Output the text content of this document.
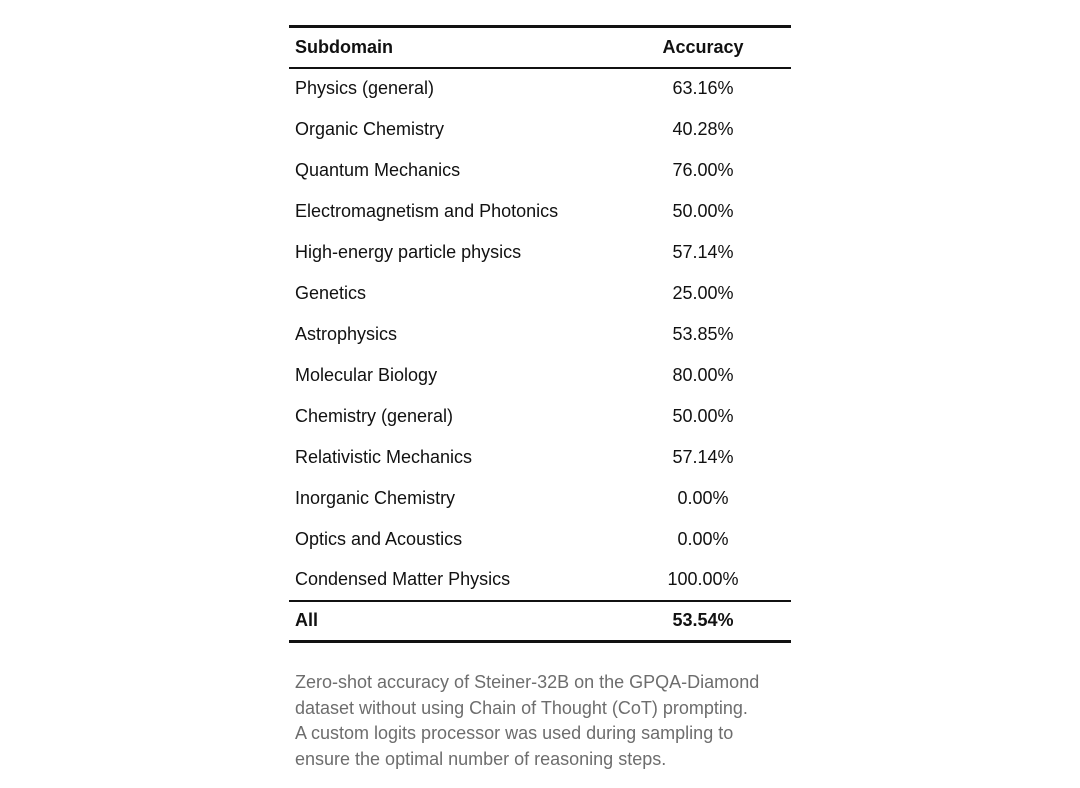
Subdomain	Accuracy
Physics (general)	63.16%
Organic Chemistry	40.28%
Quantum Mechanics	76.00%
Electromagnetism and Photonics	50.00%
High-energy particle physics	57.14%
Genetics	25.00%
Astrophysics	53.85%
Molecular Biology	80.00%
Chemistry (general)	50.00%
Relativistic Mechanics	57.14%
Inorganic Chemistry	0.00%
Optics and Acoustics	0.00%
Condensed Matter Physics	100.00%
All	53.54%
Zero-shot accuracy of Steiner-32B on the GPQA-Diamond
dataset without using Chain of Thought (CoT) prompting.
A custom logits processor was used during sampling to
ensure the optimal number of reasoning steps.
